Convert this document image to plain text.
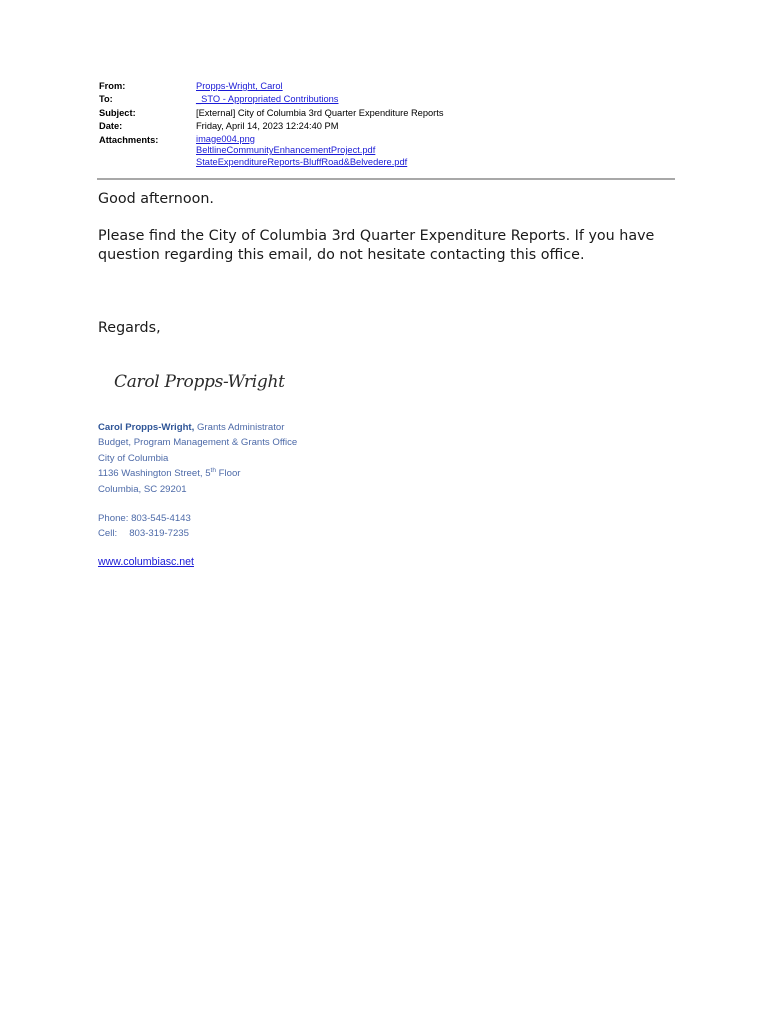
From:	Propps-Wright, Carol
To:	_STO - Appropriated Contributions
Subject:	[External] City of Columbia 3rd Quarter Expenditure Reports
Date:	Friday, April 14, 2023 12:24:40 PM
Attachments:	image004.png
BeltlineCommunityEnhancementProject.pdf
StateExpenditureReports-BluffRoad&Belvedere.pdf
Good afternoon.
Please find the City of Columbia 3rd Quarter Expenditure Reports. If you have question regarding this email, do not hesitate contacting this office.
Regards,
Carol Propps-Wright
Carol Propps-Wright, Grants Administrator
Budget, Program Management & Grants Office
City of Columbia
1136 Washington Street, 5th Floor
Columbia, SC 29201
Phone: 803-545-4143
Cell: 803-319-7235
www.columbiasc.net
